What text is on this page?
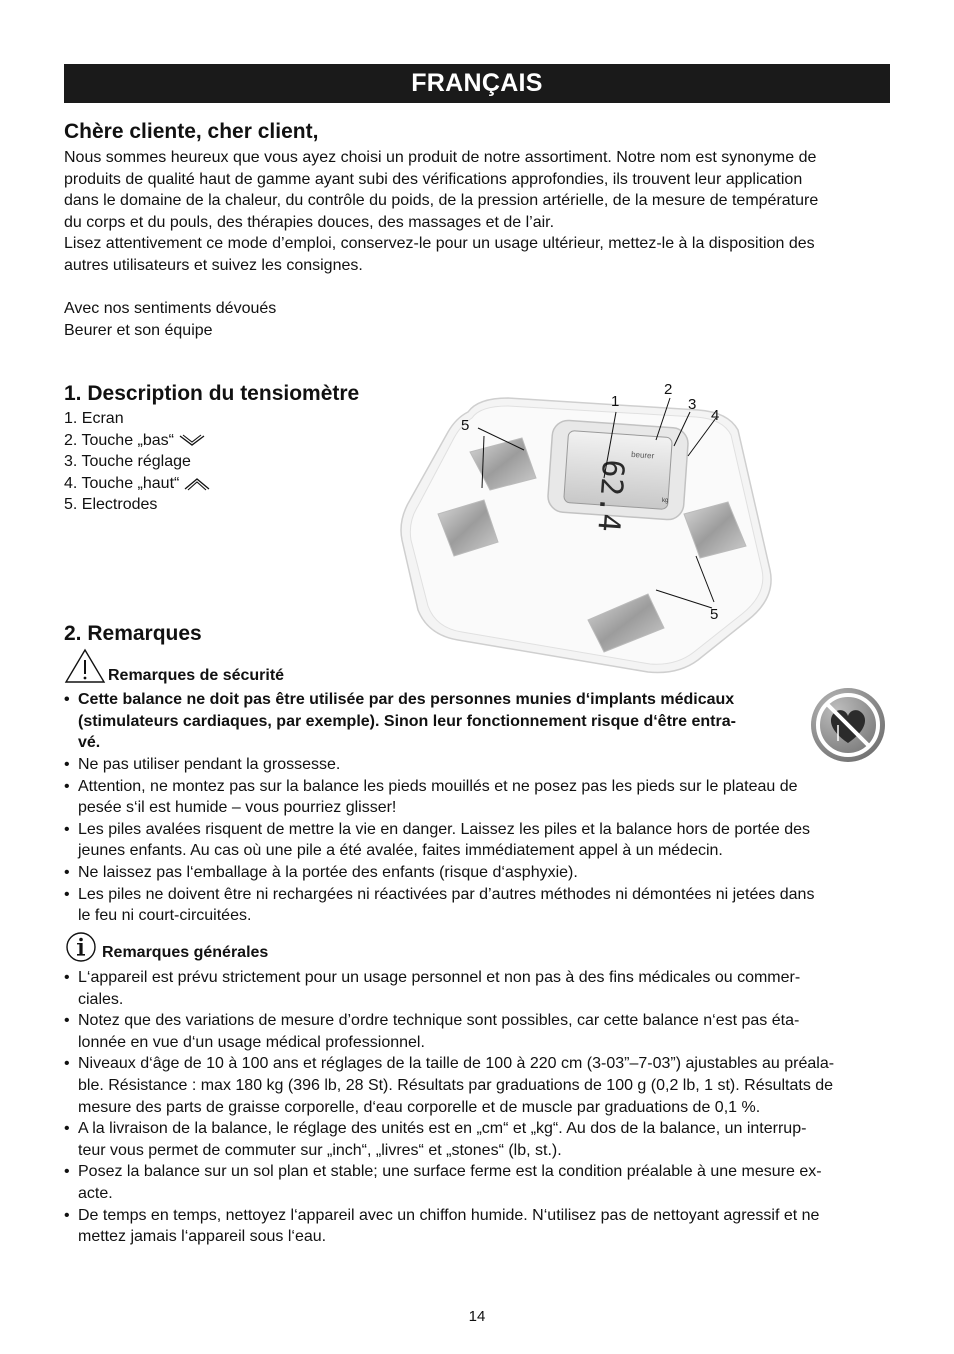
FRANÇAIS
Chère cliente, cher client,

Nous sommes heureux que vous ayez choisi un produit de notre assortiment. Notre nom est synonyme de
produits de qualité haut de gamme ayant subi des vérifications approfondies, ils trouvent leur application
dans le domaine de la chaleur, du contrôle du poids, de la pression artérielle, de la mesure de température
du corps et du pouls, des thérapies douces, des massages et de l’air.
Lisez attentivement ce mode d’emploi, conservez-le pour un usage ultérieur, mettez-le à la disposition des
autres utilisateurs et suivez les consignes.

Avec nos sentiments dévoués
Beurer et son équipe

1. Description du tensiomètre
1. Ecran
2. Touche „bas“
3. Touche réglage
4. Touche „haut“
5. Electrodes
beurer
62.4	kg
1
2
3
4
5
5
2. Remarques
Remarques de sécurité
• Cette balance ne doit pas être utilisée par des personnes munies d‘implants médicaux
(stimulateurs cardiaques, par exemple). Sinon leur fonctionnement risque d‘être entra-
vé.
• Ne pas utiliser pendant la grossesse.
• Attention, ne montez pas sur la balance les pieds mouillés et ne posez pas les pieds sur le plateau de
pesée s‘il est humide – vous pourriez glisser!
• Les piles avalées risquent de mettre la vie en danger. Laissez les piles et la balance hors de portée des
jeunes enfants. Au cas où une pile a été avalée, faites immédiatement appel à un médecin.
• Ne laissez pas l‘emballage à la portée des enfants (risque d‘asphyxie).
• Les piles ne doivent être ni rechargées ni réactivées par d’autres méthodes ni démontées ni jetées dans
le feu ni court-circuitées.
Remarques générales
• L‘appareil est prévu strictement pour un usage personnel et non pas à des fins médicales ou commer-
ciales.
• Notez que des variations de mesure d’ordre technique sont possibles, car cette balance n‘est pas éta-
lonnée en vue d‘un usage médical professionnel.
• Niveaux d‘âge de 10 à 100 ans et réglages de la taille de 100 à 220 cm (3-03”–7-03”) ajustables au préala-
ble. Résistance : max 180 kg (396 lb, 28 St). Résultats par graduations de 100 g (0,2 lb, 1 st). Résultats de
mesure des parts de graisse corporelle, d‘eau corporelle et de muscle par graduations de 0,1 %.
• A la livraison de la balance, le réglage des unités est en „cm“ et „kg“. Au dos de la balance, un interrup-
teur vous permet de commuter sur „inch“, „livres“ et „stones“ (lb, st.).
• Posez la balance sur un sol plan et stable; une surface ferme est la condition préalable à une mesure ex-
acte.
• De temps en temps, nettoyez l‘appareil avec un chiffon humide. N‘utilisez pas de nettoyant agressif et ne
mettez jamais l‘appareil sous l‘eau.
14
